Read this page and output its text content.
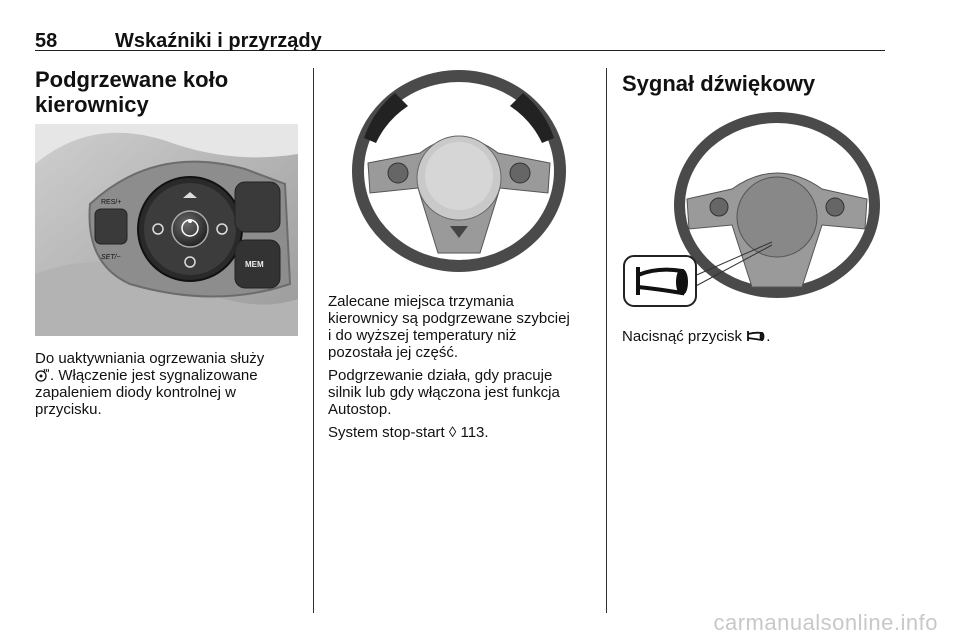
58	Wskaźniki i przyrządy
Podgrzewane koło
kierownicy
RES/+
SET/−
MEM
Do uaktywniania ogrzewania służy
. Włączenie jest sygnalizowane
zapaleniem diody kontrolnej w
przycisku.

Zalecane miejsca trzymania
kierownicy są podgrzewane szybciej
i do wyższej temperatury niż
pozostała jej część.

Podgrzewanie działa, gdy pracuje
silnik lub gdy włączona jest funkcja
Autostop.

System stop-start ◊ 113.

Sygnał dźwiękowy
Nacisnąć przycisk .
carmanualsonline.info
